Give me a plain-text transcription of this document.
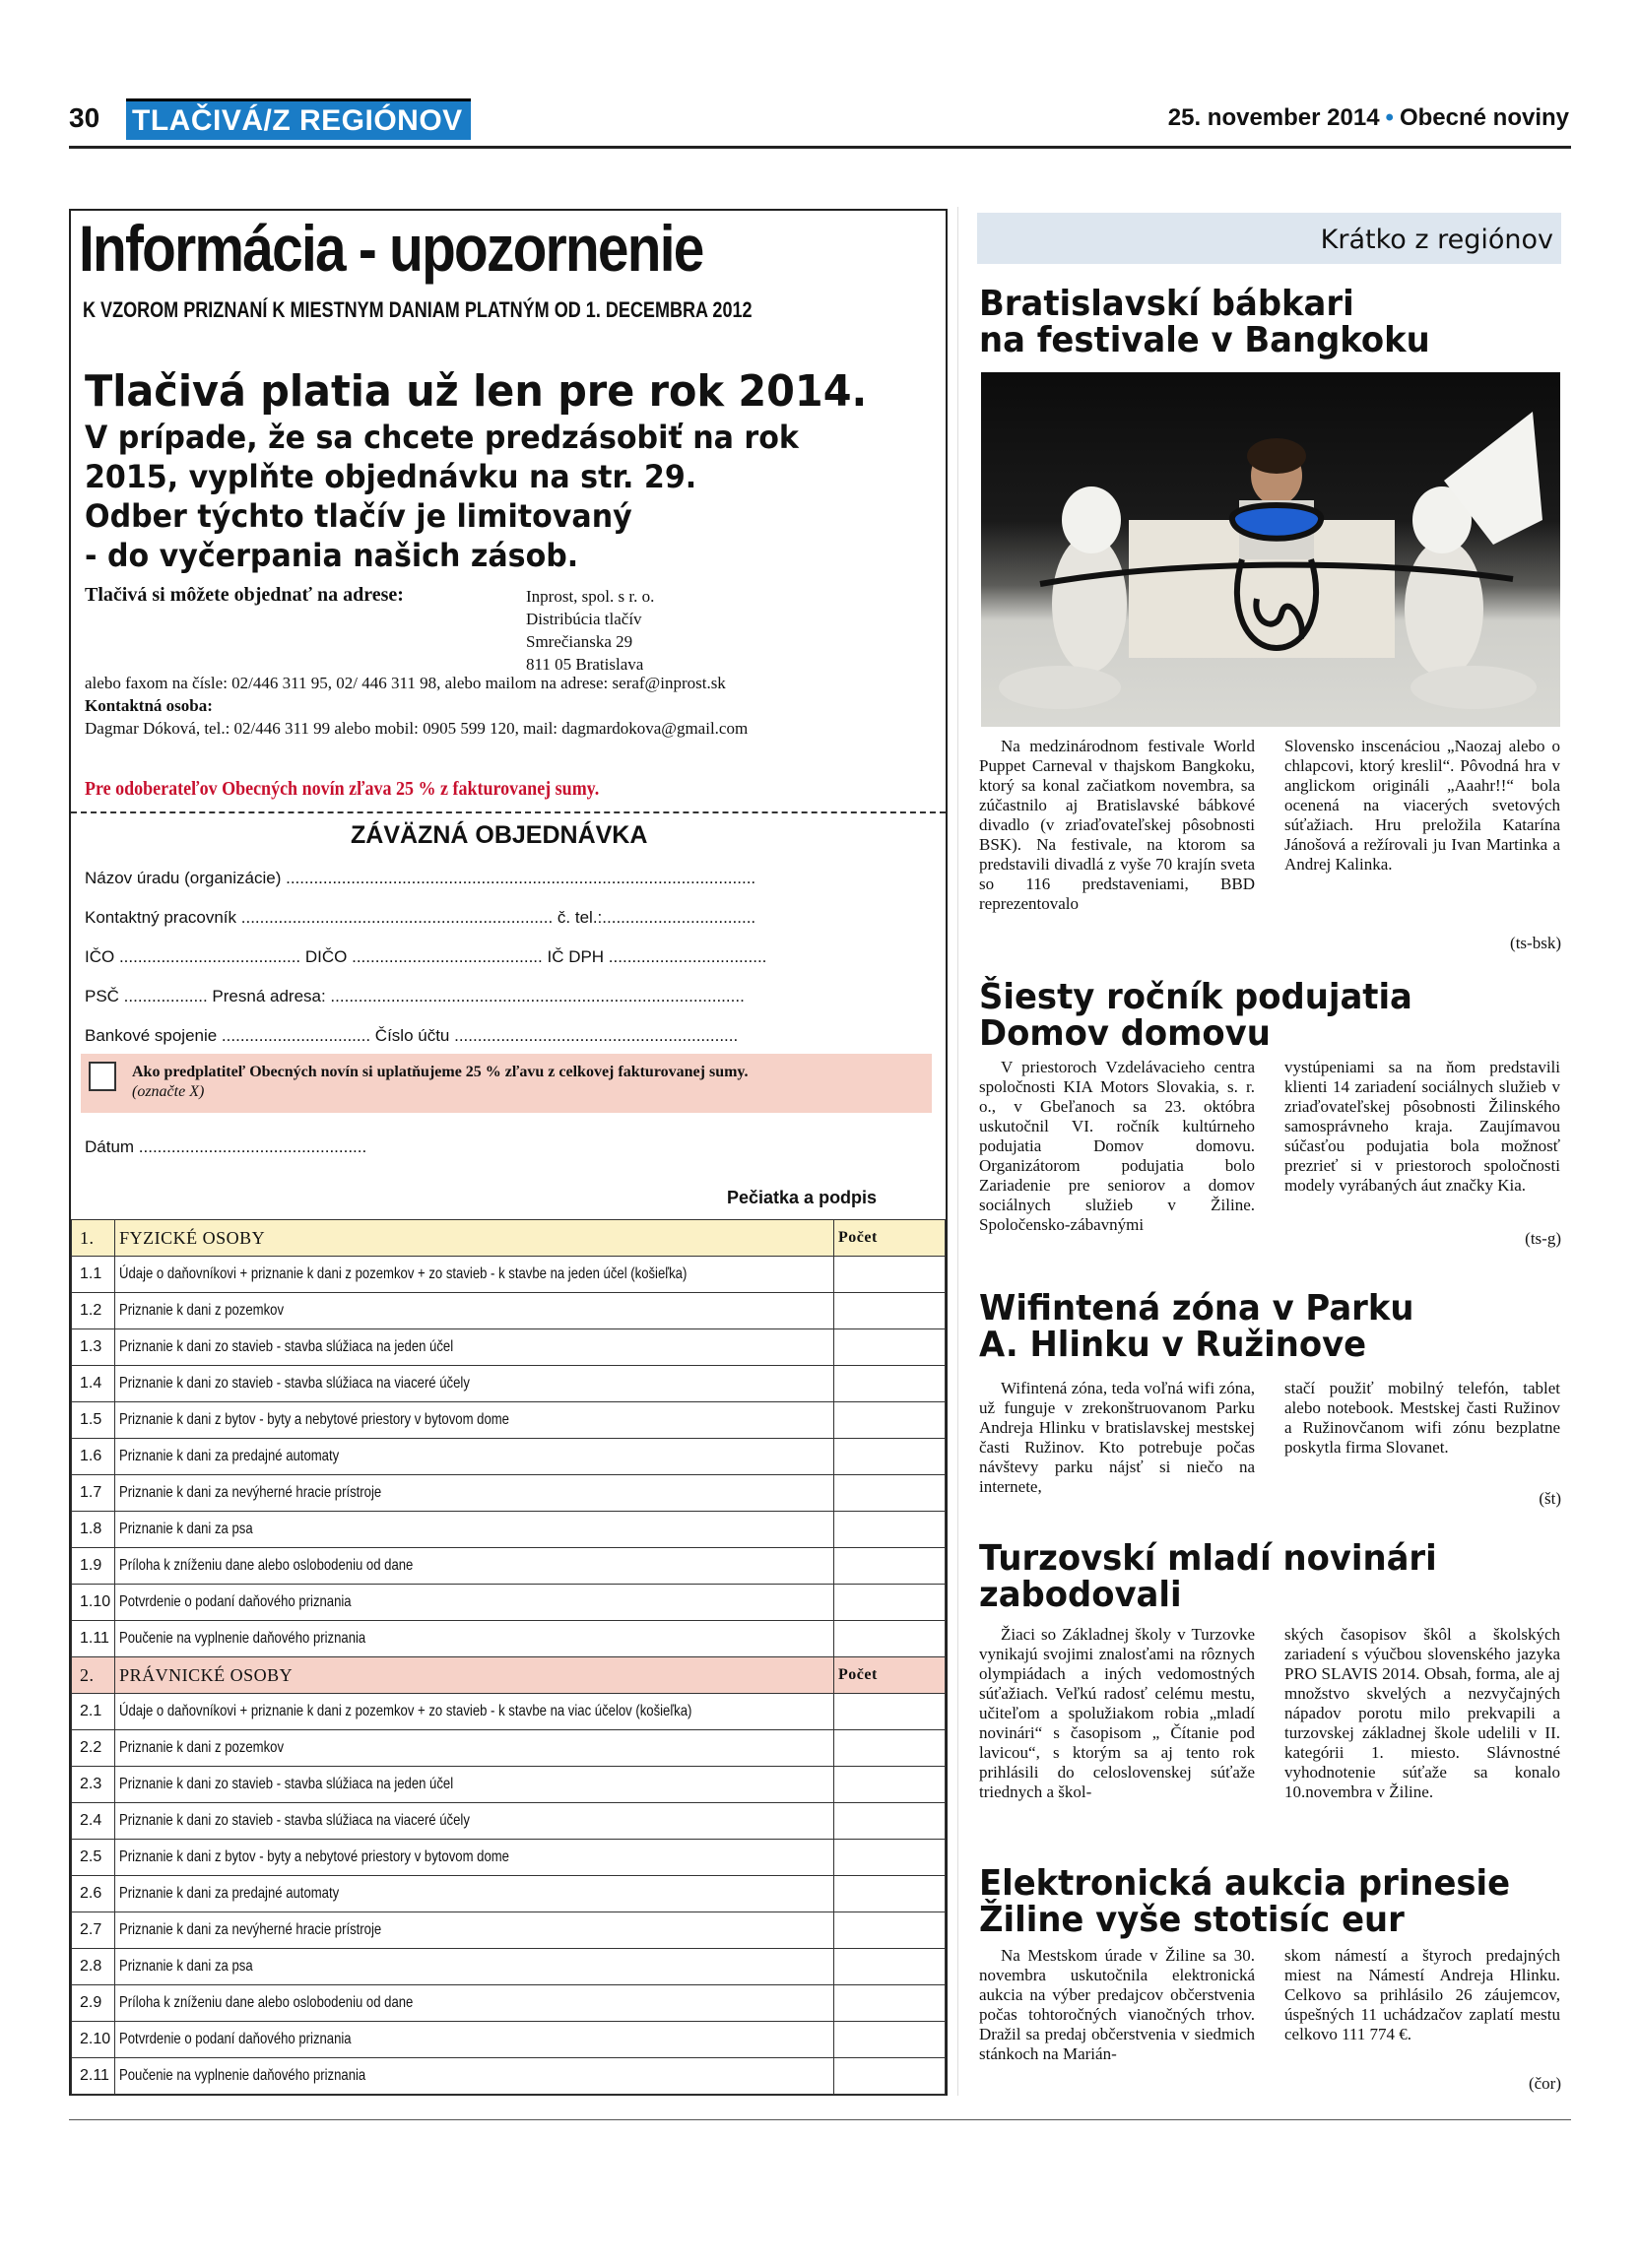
30 TLAČIVÁ/Z REGIÓNOV	25. november 2014 • Obecné noviny
Informácia - upozornenie
K VZOROM PRIZNANÍ K MIESTNYM DANIAM PLATNÝM OD 1. DECEMBRA 2012
Tlačivá platia už len pre rok 2014.
V prípade, že sa chcete predzásobiť na rok
2015, vyplňte objednávku na str. 29.
Odber týchto tlačív je limitovaný
- do vyčerpania našich zásob.
Tlačivá si môžete objednať na adrese:	Inprost, spol. s r. o.
Distribúcia tlačív
Smrečianska 29
811 05 Bratislava
alebo faxom na čísle: 02/446 311 95, 02/ 446 311 98, alebo mailom na adrese: seraf@inprost.sk
Kontaktná osoba:
Dagmar Dóková, tel.: 02/446 311 99 alebo mobil: 0905 599 120, mail: dagmardokova@gmail.com
Pre odoberateľov Obecných novín zľava 25 % z fakturovanej sumy.
ZÁVÄZNÁ OBJEDNÁVKA
Názov úradu (organizácie) .....................................................................................................
Kontaktný pracovník ................................................................... č. tel.:.................................
IČO ....................................... DIČO ......................................... IČ DPH ..................................
PSČ .................. Presná adresa: .........................................................................................
Bankové spojenie ................................ Číslo účtu .............................................................
Ako predplatiteľ Obecných novín si uplatňujeme 25 % zľavu z celkovej fakturovanej sumy.
(označte X)
Dátum .................................................
Pečiatka a podpis
1.	FYZICKÉ OSOBY	Počet
1.1	Údaje o daňovníkovi + priznanie k dani z pozemkov + zo stavieb - k stavbe na jeden účel (košieľka)	
1.2	Priznanie k dani z pozemkov	
1.3	Priznanie k dani zo stavieb - stavba slúžiaca na jeden účel	
1.4	Priznanie k dani zo stavieb - stavba slúžiaca na viaceré účely	
1.5	Priznanie k dani z bytov - byty a nebytové priestory v bytovom dome	
1.6	Priznanie k dani za predajné automaty	
1.7	Priznanie k dani za nevýherné hracie prístroje	
1.8	Priznanie k dani za psa	
1.9	Príloha k zníženiu dane alebo oslobodeniu od dane	
1.10	Potvrdenie o podaní daňového priznania	
1.11	Poučenie na vyplnenie daňového priznania	
2.	PRÁVNICKÉ OSOBY	Počet
2.1	Údaje o daňovníkovi + priznanie k dani z pozemkov + zo stavieb - k stavbe na viac účelov (košieľka)	
2.2	Priznanie k dani z pozemkov	
2.3	Priznanie k dani zo stavieb - stavba slúžiaca na jeden účel	
2.4	Priznanie k dani zo stavieb - stavba slúžiaca na viaceré účely	
2.5	Priznanie k dani z bytov - byty a nebytové priestory v bytovom dome	
2.6	Priznanie k dani za predajné automaty	
2.7	Priznanie k dani za nevýherné hracie prístroje	
2.8	Priznanie k dani za psa	
2.9	Príloha k zníženiu dane alebo oslobodeniu od dane	
2.10	Potvrdenie o podaní daňového priznania	
2.11	Poučenie na vyplnenie daňového priznania	
Krátko z regiónov
Bratislavskí bábkari
na festivale v Bangkoku

Na medzinárodnom festivale World Puppet Carneval v thajskom Bangkoku, ktorý sa konal začiatkom novembra, sa zúčastnilo aj Bratislavské bábkové divadlo (v zriaďovateľskej pôsobnosti BSK). Na festivale, na ktorom sa predstavili divadlá z vyše 70 krajín sveta so 116 predstaveniami, BBD reprezentovalo

Slovensko inscenáciou „Naozaj alebo o chlapcovi, ktorý kreslil“. Pôvodná hra v anglickom origináli „Aaahr!!“ bola ocenená na viacerých svetových súťažiach. Hru preložila Katarína Jánošová a režírovali ju Ivan Martinka a Andrej Kalinka.

(ts-bsk)
Šiesty ročník podujatia
Domov domovu

V priestoroch Vzdelávacieho centra spoločnosti KIA Motors Slovakia, s. r. o., v Gbeľanoch sa 23. októbra uskutočnil VI. ročník kultúrneho podujatia Domov domovu. Organizátorom podujatia bolo Zariadenie pre seniorov a domov sociálnych služieb v Žiline. Spoločensko-zábavnými

vystúpeniami sa na ňom predstavili klienti 14 zariadení sociálnych služieb v zriaďovateľskej pôsobnosti Žilinského samosprávneho kraja. Zaujímavou súčasťou podujatia bola možnosť prezrieť si v priestoroch spoločnosti modely vyrábaných áut značky Kia.

(ts-g)
Wifintená zóna v Parku
A. Hlinku v Ružinove

Wifintená zóna, teda voľná wifi zóna, už funguje v zrekonštruovanom Parku Andreja Hlinku v bratislavskej mestskej časti Ružinov. Kto potrebuje počas návštevy parku nájsť si niečo na internete,

stačí použiť mobilný telefón, tablet alebo notebook. Mestskej časti Ružinov a Ružinovčanom wifi zónu bezplatne poskytla firma Slovanet.

(št)
Turzovskí mladí novinári
zabodovali

Žiaci so Základnej školy v Turzovke vynikajú svojimi znalosťami na rôznych olympiádach a iných vedomostných súťažiach. Veľkú radosť celému mestu, učiteľom a spolužiakom robia „mladí novinári“ s časopisom „ Čítanie pod lavicou“, s ktorým sa aj tento rok prihlásili do celoslovenskej súťaže triednych a škol-

ských časopisov škôl a školských zariadení s výučbou slovenského jazyka PRO SLAVIS 2014. Obsah, forma, ale aj množstvo skvelých a nezvyčajných nápadov porotu milo prekvapili a turzovskej základnej škole udelili v II. kategórii 1. miesto. Slávnostné vyhodnotenie súťaže sa konalo 10.novembra v Žiline.

Elektronická aukcia prinesie
Žiline vyše stotisíc eur

Na Mestskom úrade v Žiline sa 30. novembra uskutočnila elektronická aukcia na výber predajcov občerstvenia počas tohtoročných vianočných trhov. Dražil sa predaj občerstvenia v siedmich stánkoch na Marián-

skom námestí a štyroch predajných miest na Námestí Andreja Hlinku. Celkovo sa prihlásilo 26 záujemcov, úspešných 11 uchádzačov zaplatí mestu celkovo 111 774 €.

(čor)
